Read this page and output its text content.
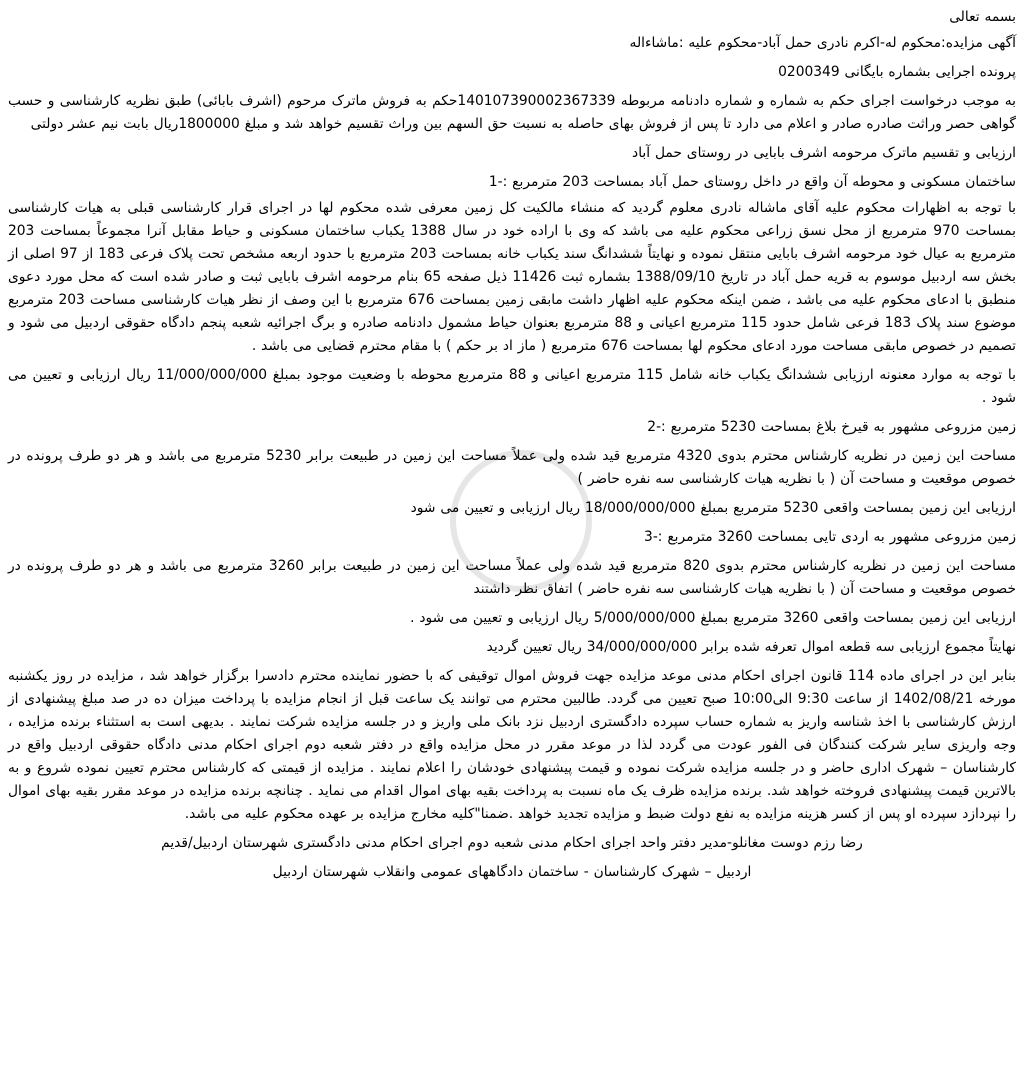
بسمه تعالی
آگهی مزایده:محکوم له-اکرم نادری حمل آباد-محکوم علیه :ماشاءاله
پرونده اجرایی بشماره بایگانی 0200349
به موجب درخواست اجرای حکم به شماره و شماره دادنامه مربوطه 140107390002367339حکم به فروش ماترک مرحوم (اشرف بابائی) طبق نظریه کارشناسی و حسب گواهی حصر وراثت صادره صادر و اعلام می دارد تا پس از فروش بهای حاصله به نسبت حق السهم بین وراث تقسیم خواهد شد و مبلغ 1800000ریال بابت نیم عشر دولتی
ارزیابی و تقسیم ماترک مرحومه اشرف بابایی در روستای حمل آباد
ساختمان مسکونی و محوطه آن واقع در داخل روستای حمل آباد بمساحت 203 مترمربع :-1
با توجه به اظهارات محکوم علیه آقای ماشاله نادری معلوم گردید که منشاء مالکیت کل زمین معرفی شده محکوم لها در اجرای قرار کارشناسی قبلی به هیات کارشناسی بمساحت 970 مترمربع از محل نسق زراعی محکوم علیه می باشد که وی با اراده خود در سال 1388 یکباب ساختمان مسکونی و حیاط مقابل آنرا مجموعاً بمساحت 203 مترمربع به عیال خود مرحومه اشرف بابایی منتقل نموده و نهایتاً ششدانگ سند یکباب خانه بمساحت 203 مترمربع با حدود اربعه مشخص تحت پلاک فرعی 183 از 97 اصلی از بخش سه اردبیل موسوم به قریه حمل آباد در تاریخ 1388/09/10 بشماره ثبت 11426 ذیل صفحه 65 بنام مرحومه اشرف بابایی ثبت و صادر شده است که محل مورد دعوی منطبق با ادعای محکوم علیه می باشد ، ضمن اینکه محکوم علیه اظهار داشت مابقی زمین بمساحت 676 مترمربع با این وصف از نظر هیات کارشناسی مساحت 203 مترمربع موضوع سند پلاک 183 فرعی شامل حدود 115 مترمربع اعیانی و 88 مترمربع بعنوان حیاط مشمول دادنامه صادره و برگ اجرائیه شعبه پنجم دادگاه حقوقی اردبیل می شود و تصمیم در خصوص مابقی مساحت مورد ادعای محکوم لها بمساحت 676 مترمربع ( ماز اد بر حکم ) با مقام محترم قضایی می باشد .
با توجه به موارد معنونه ارزیابی ششدانگ یکباب خانه شامل 115 مترمربع اعیانی و 88 مترمربع محوطه با وضعیت موجود بمبلغ 11/000/000/000 ریال ارزیابی و تعیین می شود .
زمین مزروعی مشهور به قیرخ بلاغ بمساحت 5230 مترمربع :-2
مساحت این زمین در نظریه کارشناس محترم بدوی 4320 مترمربع قید شده ولی عملاً مساحت این زمین در طبیعت برابر 5230 مترمربع می باشد و هر دو طرف پرونده در خصوص موقعیت و مساحت آن ( با نظریه هیات کارشناسی سه نفره حاضر )
ارزیابی این زمین بمساحت واقعی 5230 مترمربع بمبلغ 18/000/000/000 ریال ارزیابی و تعیین می شود
زمین مزروعی مشهور به اردی تایی بمساحت 3260 مترمربع :-3
مساحت این زمین در نظریه کارشناس محترم بدوی 820 مترمربع قید شده ولی عملاً مساحت این زمین در طبیعت برابر 3260 مترمربع می باشد و هر دو طرف پرونده در خصوص موقعیت و مساحت آن ( با نظریه هیات کارشناسی سه نفره حاضر ) اتفاق نظر داشتند
ارزیابی این زمین بمساحت واقعی 3260 مترمربع بمبلغ 5/000/000/000 ریال ارزیابی و تعیین می شود .
نهایتاً مجموع ارزیابی سه قطعه اموال تعرفه شده برابر 34/000/000/000 ریال تعیین گردید
بنابر این در اجرای ماده 114 قانون اجرای احکام مدنی موعد مزایده جهت فروش اموال توقیفی که با حضور نماینده محترم دادسرا برگزار خواهد شد ، مزایده در روز یکشنبه مورخه 1402/08/21 از ساعت 9:30 الی10:00 صبح تعیین می گردد. طالبین محترم می توانند یک ساعت قبل از انجام مزایده با پرداخت میزان ده در صد مبلغ پیشنهادی از ارزش کارشناسی با اخذ شناسه واریز به شماره حساب سپرده دادگستری اردبیل نزد بانک ملی واریز و در جلسه مزایده شرکت نمایند . بدیهی است به استثناء برنده مزایده ، وجه واریزی سایر شرکت کنندگان فی الفور عودت می گردد لذا در موعد مقرر در محل مزایده واقع در دفتر شعبه دوم اجرای احکام مدنی دادگاه حقوقی اردبیل واقع در کارشناسان – شهرک اداری حاضر و در جلسه مزایده شرکت نموده و قیمت پیشنهادی خودشان را اعلام نمایند . مزایده از قیمتی که کارشناس محترم تعیین نموده شروع و به بالاترین قیمت پیشنهادی فروخته خواهد شد. برنده مزایده ظرف یک ماه نسبت به پرداخت بقیه بهای اموال اقدام می نماید . چنانچه برنده مزایده در موعد مقرر بقیه بهای اموال را نپردازد سپرده او پس از کسر هزینه مزایده به نفع دولت ضبط و مزایده تجدید خواهد .ضمنا"کلیه مخارج مزایده بر عهده محکوم علیه می باشد.
رضا رزم دوست مغانلو-مدیر دفتر واحد اجرای احکام مدنی شعبه دوم اجرای احکام مدنی دادگستری شهرستان اردبیل/قدیم
اردبیل – شهرک کارشناسان - ساختمان دادگاههای عمومی وانقلاب شهرستان اردبیل
